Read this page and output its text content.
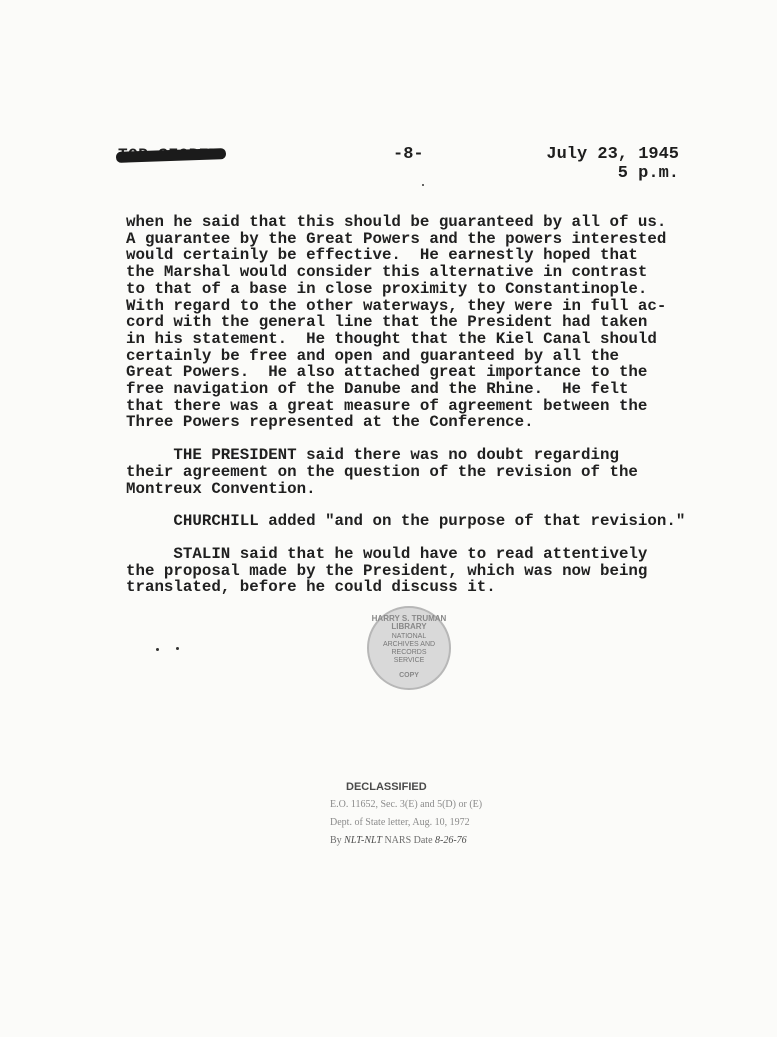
-8-	July 23, 1945
5 p.m.

when he said that this should be guaranteed by all of us.

A guarantee by the Great Powers and the powers interested

would certainly be effective.  He earnestly hoped that

the Marshal would consider this alternative in contrast

to that of a base in close proximity to Constantinople.

With regard to the other waterways, they were in full ac-

cord with the general line that the President had taken

in his statement.  He thought that the Kiel Canal should

certainly be free and open and guaranteed by all the

Great Powers.  He also attached great importance to the

free navigation of the Danube and the Rhine.  He felt

that there was a great measure of agreement between the

Three Powers represented at the Conference.

THE PRESIDENT said there was no doubt regarding

their agreement on the question of the revision of the

Montreux Convention.

CHURCHILL added "and on the purpose of that revision."

STALIN said that he would have to read attentively

the proposal made by the President, which was now being

translated, before he could discuss it.

HARRY S. TRUMAN LIBRARY
NATIONAL
ARCHIVES AND
RECORDS
SERVICE
COPY
DECLASSIFIED
E.O. 11652, Sec. 3(E) and 5(D) or (E)
Dept. of State letter, Aug. 10, 1972
By NLT-NLT NARS Date 8-26-76
